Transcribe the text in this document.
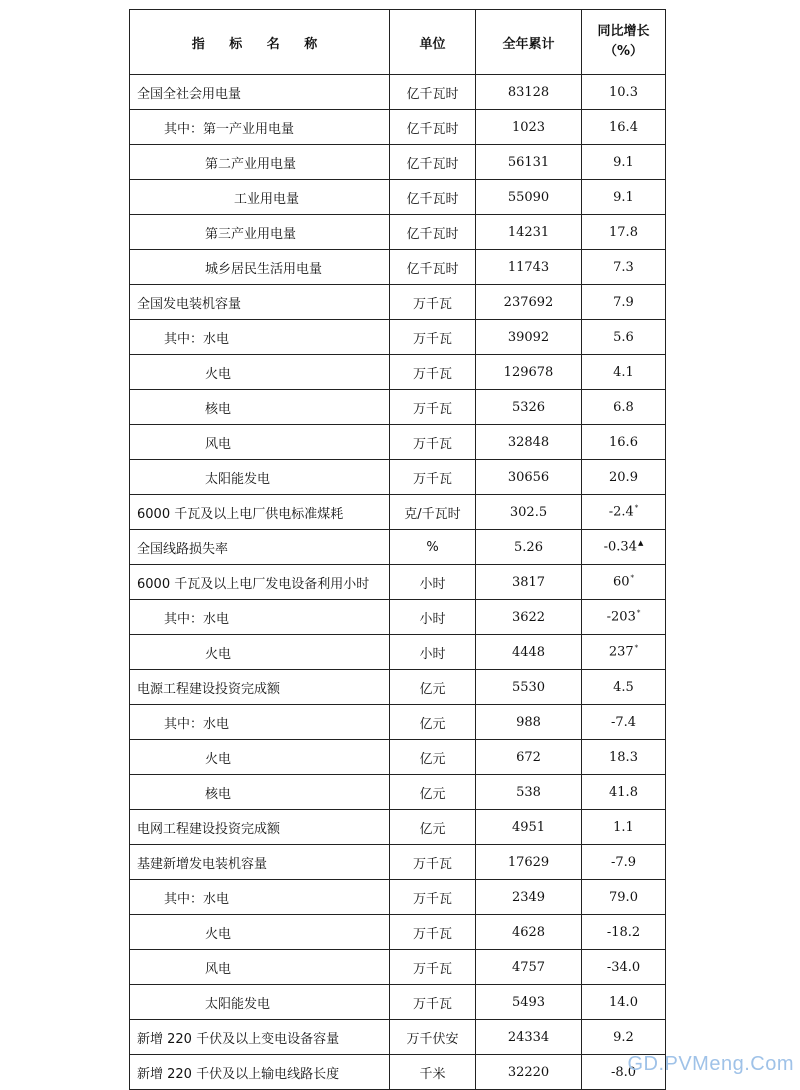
指 标 名 称	单位	全年累计	同比增长
（%）
全国全社会用电量	亿千瓦时	83128	10.3
其中：第一产业用电量	亿千瓦时	1023	16.4
第二产业用电量	亿千瓦时	56131	9.1
工业用电量	亿千瓦时	55090	9.1
第三产业用电量	亿千瓦时	14231	17.8
城乡居民生活用电量	亿千瓦时	11743	7.3
全国发电装机容量	万千瓦	237692	7.9
其中：水电	万千瓦	39092	5.6
火电	万千瓦	129678	4.1
核电	万千瓦	5326	6.8
风电	万千瓦	32848	16.6
太阳能发电	万千瓦	30656	20.9
6000 千瓦及以上电厂供电标准煤耗	克/千瓦时	302.5	-2.4*
全国线路损失率	%	5.26	-0.34▲
6000 千瓦及以上电厂发电设备利用小时	小时	3817	60*
其中：水电	小时	3622	-203*
火电	小时	4448	237*
电源工程建设投资完成额	亿元	5530	4.5
其中：水电	亿元	988	-7.4
火电	亿元	672	18.3
核电	亿元	538	41.8
电网工程建设投资完成额	亿元	4951	1.1
基建新增发电装机容量	万千瓦	17629	-7.9
其中：水电	万千瓦	2349	79.0
火电	万千瓦	4628	-18.2
风电	万千瓦	4757	-34.0
太阳能发电	万千瓦	5493	14.0
新增 220 千伏及以上变电设备容量	万千伏安	24334	9.2
新增 220 千伏及以上输电线路长度	千米	32220	-8.0
GD.PVMeng.Com
